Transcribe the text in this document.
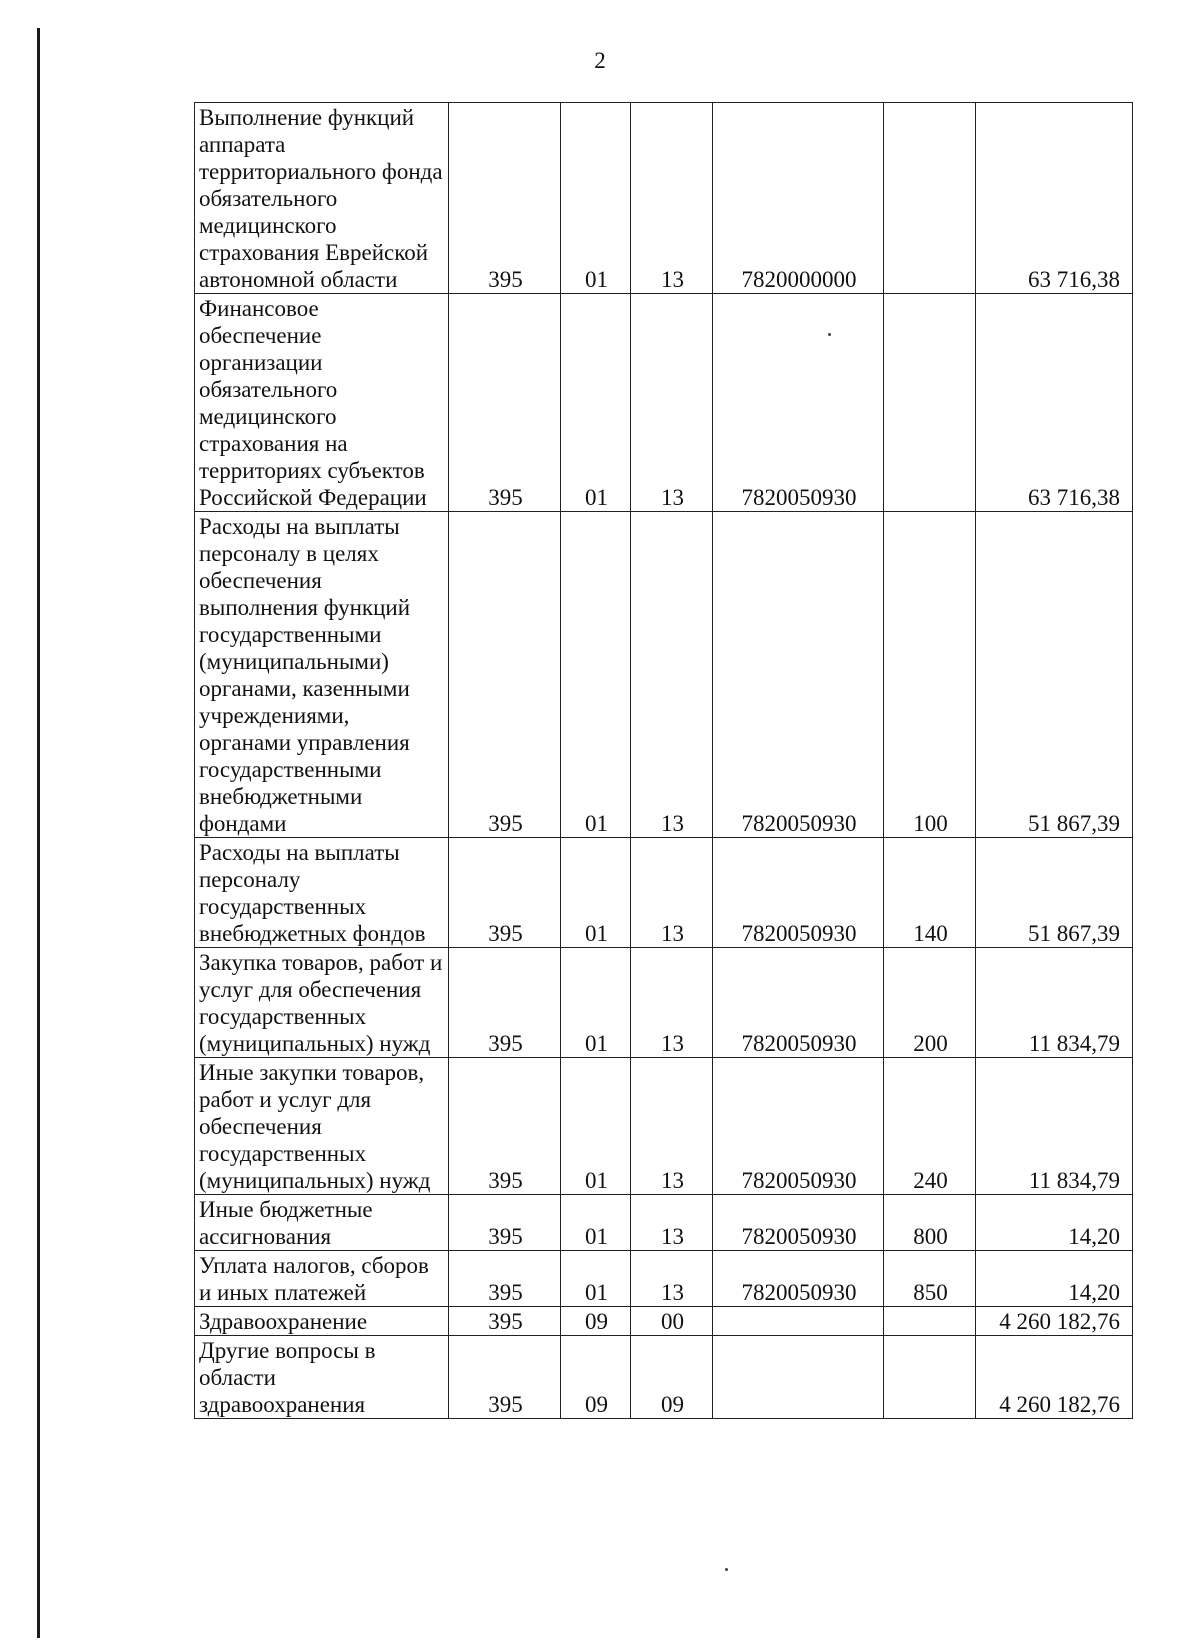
2
Выполнение функций аппарата территориального фонда обязательного медицинского страхования Еврейской автономной области	395	01	13	7820000000		63 716,38
Финансовое обеспечение организации обязательного медицинского страхования на территориях субъектов Российской Федерации	395	01	13	7820050930		63 716,38
Расходы на выплаты персоналу в целях обеспечения выполнения функций государственными (муниципальными) органами, казенными учреждениями, органами управления государственными внебюджетными фондами	395	01	13	7820050930	100	51 867,39
Расходы на выплаты персоналу государственных внебюджетных фондов	395	01	13	7820050930	140	51 867,39
Закупка товаров, работ и услуг для обеспечения государственных (муниципальных) нужд	395	01	13	7820050930	200	11 834,79
Иные закупки товаров, работ и услуг для обеспечения государственных (муниципальных) нужд	395	01	13	7820050930	240	11 834,79
Иные бюджетные ассигнования	395	01	13	7820050930	800	14,20
Уплата налогов, сборов и иных платежей	395	01	13	7820050930	850	14,20
Здравоохранение	395	09	00			4 260 182,76
Другие вопросы в области здравоохранения	395	09	09			4 260 182,76
